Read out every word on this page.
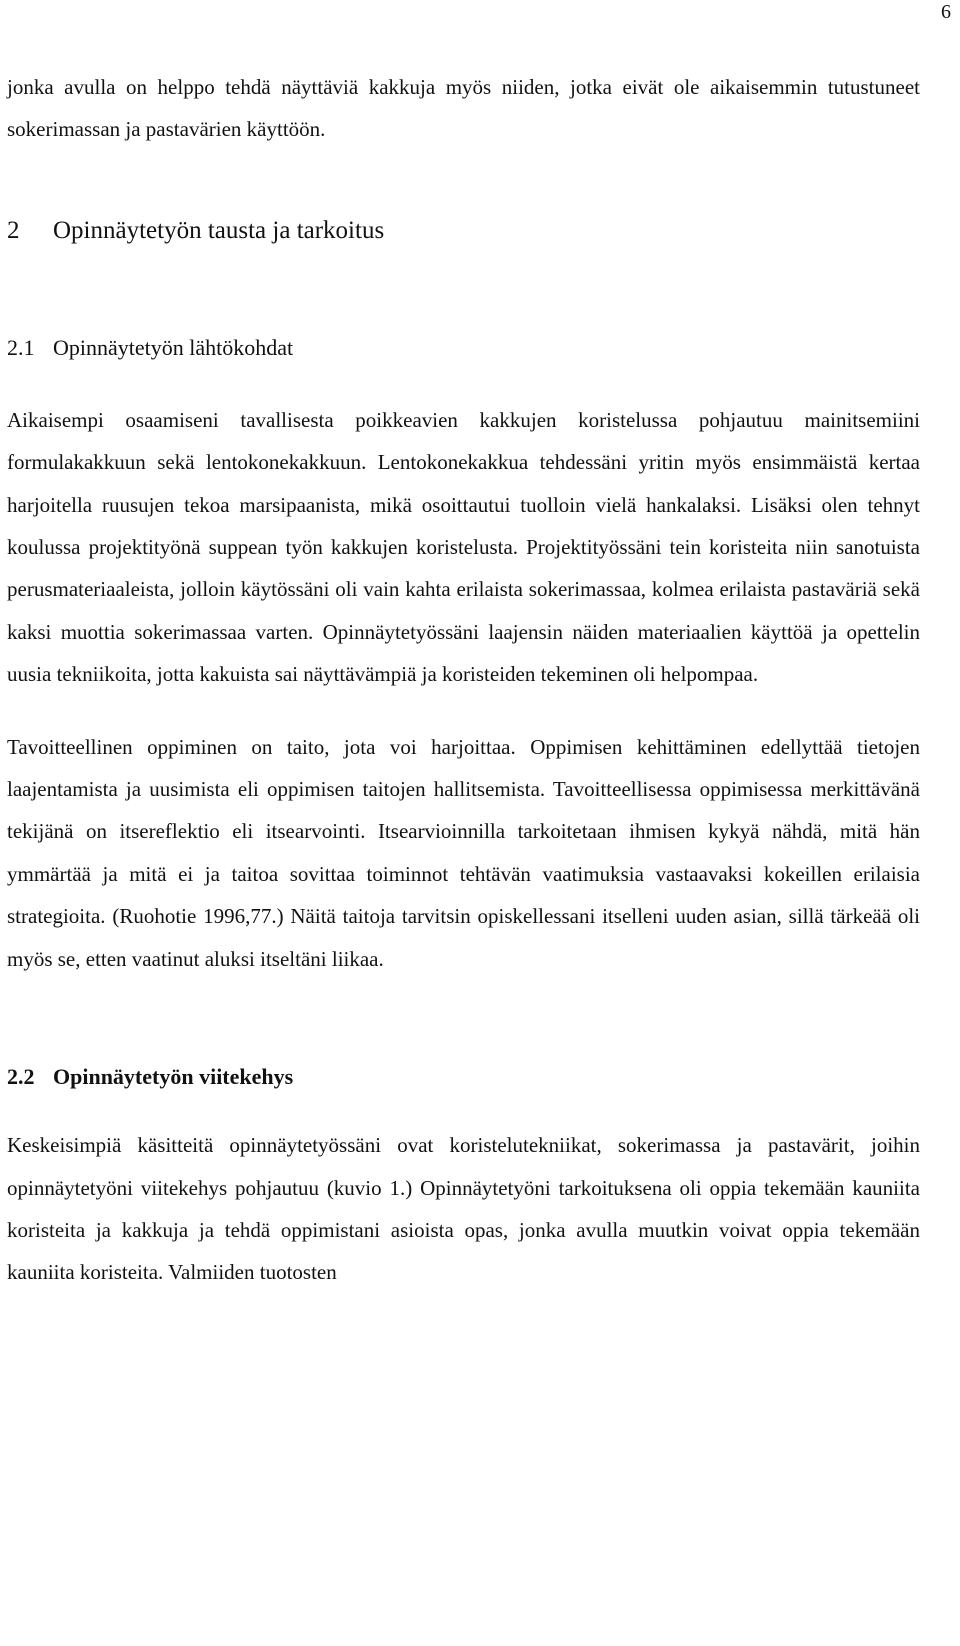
6

jonka avulla on helppo tehdä näyttäviä kakkuja myös niiden, jotka eivät ole aikaisemmin tutustuneet sokerimassan ja pastavärien käyttöön.

2 Opinnäytetyön tausta ja tarkoitus
2.1 Opinnäytetyön lähtökohdat

Aikaisempi osaamiseni tavallisesta poikkeavien kakkujen koristelussa pohjautuu mainitsemiini formulakakkuun sekä lentokonekakkuun. Lentokonekakkua tehdessäni yritin myös ensimmäistä kertaa harjoitella ruusujen tekoa marsipaanista, mikä osoittautui tuolloin vielä hankalaksi. Lisäksi olen tehnyt koulussa projektityönä suppean työn kakkujen koristelusta. Projektityössäni tein koristeita niin sanotuista perusmateriaaleista, jolloin käytössäni oli vain kahta erilaista sokerimassaa, kolmea erilaista pastaväriä sekä kaksi muottia sokerimassaa varten. Opinnäytetyössäni laajensin näiden materiaalien käyttöä ja opettelin uusia tekniikoita, jotta kakuista sai näyttävämpiä ja koristeiden tekeminen oli helpompaa.

Tavoitteellinen oppiminen on taito, jota voi harjoittaa. Oppimisen kehittäminen edellyttää tietojen laajentamista ja uusimista eli oppimisen taitojen hallitsemista. Tavoitteellisessa oppimisessa merkittävänä tekijänä on itsereflektio eli itsearvointi. Itsearvioinnilla tarkoitetaan ihmisen kykyä nähdä, mitä hän ymmärtää ja mitä ei ja taitoa sovittaa toiminnot tehtävän vaatimuksia vastaavaksi kokeillen erilaisia strategioita. (Ruohotie 1996,77.) Näitä taitoja tarvitsin opiskellessani itselleni uuden asian, sillä tärkeää oli myös se, etten vaatinut aluksi itseltäni liikaa.

2.2 Opinnäytetyön viitekehys

Keskeisimpiä käsitteitä opinnäytetyössäni ovat koristelutekniikat, sokerimassa ja pastavärit, joihin opinnäytetyöni viitekehys pohjautuu (kuvio 1.) Opinnäytetyöni tarkoituksena oli oppia tekemään kauniita koristeita ja kakkuja ja tehdä oppimistani asioista opas, jonka avulla muutkin voivat oppia tekemään kauniita koristeita. Valmiiden tuotosten
